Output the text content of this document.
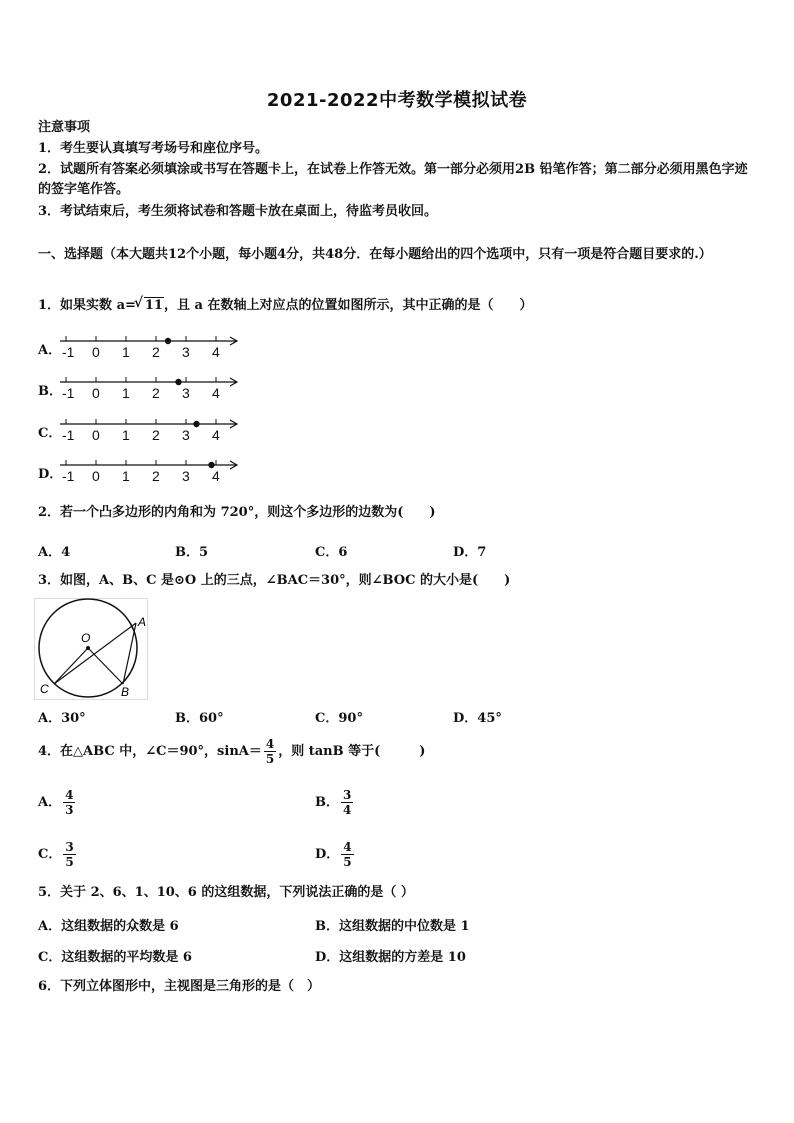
2021-2022中考数学模拟试卷
注意事项
1．考生要认真填写考场号和座位序号。
2．试题所有答案必须填涂或书写在答题卡上，在试卷上作答无效。第一部分必须用2B 铅笔作答；第二部分必须用黑色字迹的签字笔作答。
3．考试结束后，考生须将试卷和答题卡放在桌面上，待监考员收回。
一、选择题（本大题共12个小题，每小题4分，共48分．在每小题给出的四个选项中，只有一项是符合题目要求的.）
1．如果实数 a=√ 11，且 a 在数轴上对应点的位置如图所示，其中正确的是（　　）
A． -1 0 1 2 3 4
B． -1 0 1 2 3 4
C． -1 0 1 2 3 4
D． -1 0 1 2 3 4
2．若一个凸多边形的内角和为 720°，则这个多边形的边数为(　　)
A．4	B．5	C．6	D．7
3．如图，A、B、C 是⊙O 上的三点，∠BAC＝30°，则∠BOC 的大小是(　　)
O
A
B
C
A．30°	B．60°	C．90°	D．45°
4．在△ABC 中，∠C＝90°，$\sin A= \frac{4}{5}$ ，则 tanB 等于(　　　)
A． $\frac{4}{3}$	B． $\frac{3}{4}$
C． $\frac{3}{5}$	D． $\frac{4}{5}$
5．关于 2、6、1、10、6 的这组数据，下列说法正确的是（ ）
A．这组数据的众数是 6	B．这组数据的中位数是 1
C．这组数据的平均数是 6	D．这组数据的方差是 10
6．下列立体图形中，主视图是三角形的是（　）
